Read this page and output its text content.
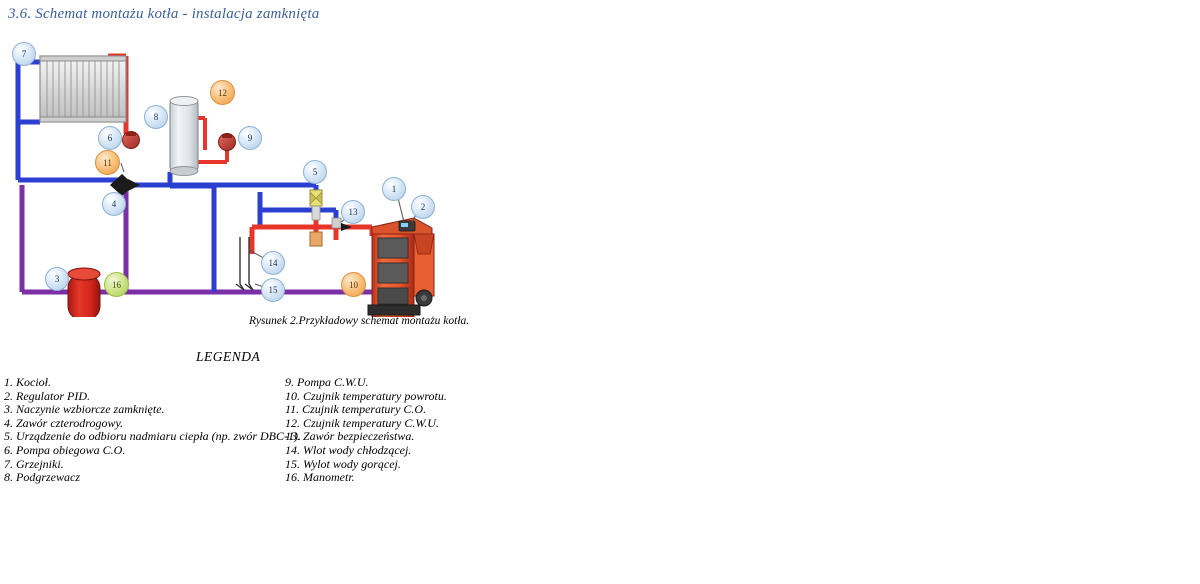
3.6. Schemat montażu kotła - instalacja zamknięta
7
12
6
8
9
11
5
1
2
4
13
14
3
16
15
10
Rysunek 2.Przykładowy schemat montażu kotła.
LEGENDA
1. Kocioł.
2. Regulator PID.
3. Naczynie wzbiorcze zamknięte.
4. Zawór czterodrogowy.
5. Urządzenie do odbioru nadmiaru ciepła (np. zwór DBC-1).
6. Pompa obiegowa C.O.
7. Grzejniki.
8. Podgrzewacz
9. Pompa C.W.U.
10. Czujnik temperatury powrotu.
11. Czujnik temperatury C.O.
12. Czujnik temperatury C.W.U.
13. Zawór bezpieczeństwa.
14. Wlot wody chłodzącej.
15. Wylot wody gorącej.
16. Manometr.
